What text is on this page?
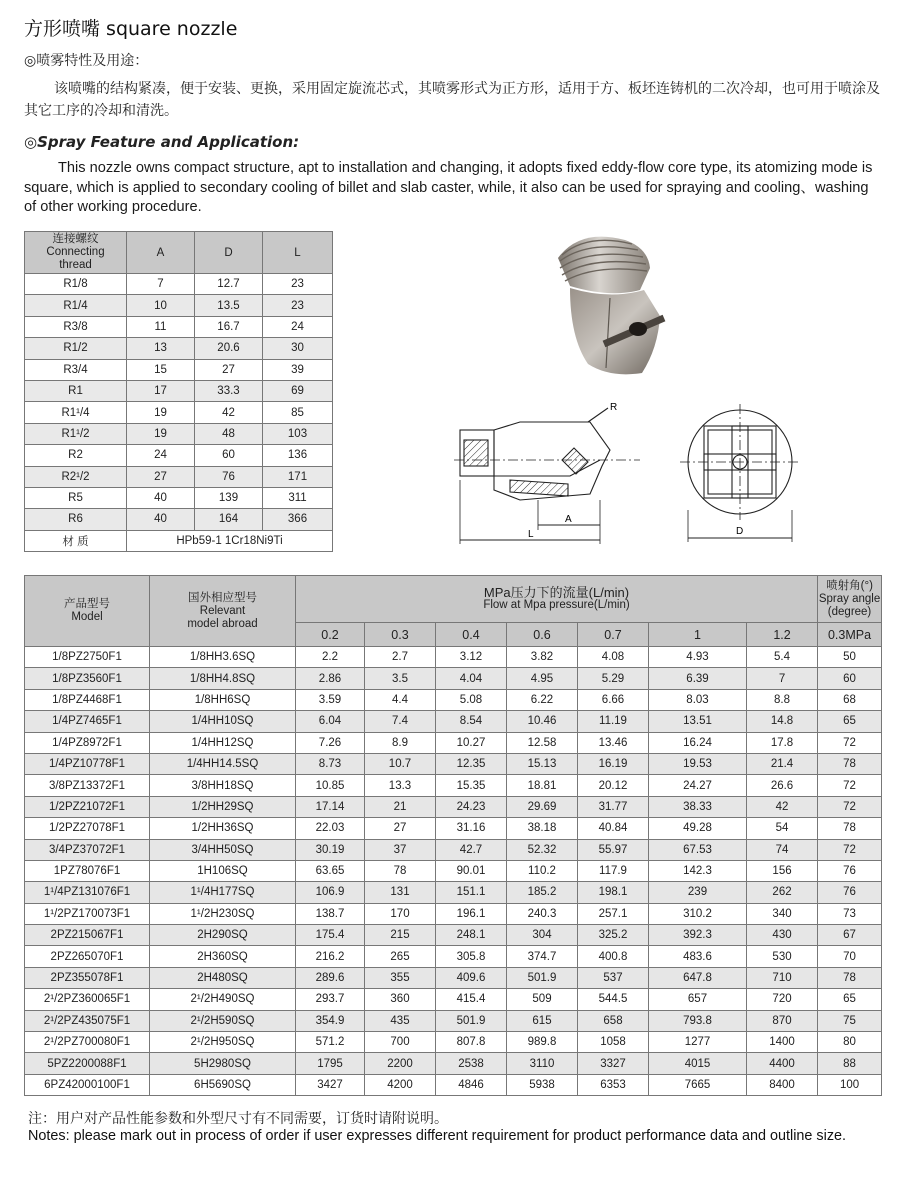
方形喷嘴 square nozzle
◎喷雾特性及用途：
该喷嘴的结构紧凑，便于安装、更换，采用固定旋流芯式，其喷雾形式为正方形，适用于方、板坯连铸机的二次冷却，也可用于喷涂及其它工序的冷却和清洗。
◎Spray Feature and Application:
This nozzle owns compact structure, apt to installation and changing, it adopts fixed eddy-flow core type, its atomizing mode is square, which is applied to secondary cooling of billet and slab caster, while, it also can be used for spraying and cooling、washing of other working procedure.
连接螺纹
Connecting
thread	A	D	L
R1/8	7	12.7	23
R1/4	10	13.5	23
R3/8	11	16.7	24
R1/2	13	20.6	30
R3/4	15	27	39
R1	17	33.3	69
R1¹/4	19	42	85
R1¹/2	19	48	103
R2	24	60	136
R2¹/2	27	76	171
R5	40	139	311
R6	40	164	366
材 质	HPb59-1 1Cr18Ni9Ti		
R
A
L	D
产品型号
Model	国外相应型号
Relevant
model abroad	MPa压力下的流量(L/min)
Flow at Mpa pressure(L/min)							喷射角(°)
Spray angle
(degree)

		0.2	0.3	0.4	0.6	0.7	1	1.2	0.3MPa
1/8PZ2750F1	1/8HH3.6SQ	2.2	2.7	3.12	3.82	4.08	4.93	5.4	50
1/8PZ3560F1	1/8HH4.8SQ	2.86	3.5	4.04	4.95	5.29	6.39	7	60
1/8PZ4468F1	1/8HH6SQ	3.59	4.4	5.08	6.22	6.66	8.03	8.8	68
1/4PZ7465F1	1/4HH10SQ	6.04	7.4	8.54	10.46	11.19	13.51	14.8	65
1/4PZ8972F1	1/4HH12SQ	7.26	8.9	10.27	12.58	13.46	16.24	17.8	72
1/4PZ10778F1	1/4HH14.5SQ	8.73	10.7	12.35	15.13	16.19	19.53	21.4	78
3/8PZ13372F1	3/8HH18SQ	10.85	13.3	15.35	18.81	20.12	24.27	26.6	72
1/2PZ21072F1	1/2HH29SQ	17.14	21	24.23	29.69	31.77	38.33	42	72
1/2PZ27078F1	1/2HH36SQ	22.03	27	31.16	38.18	40.84	49.28	54	78
3/4PZ37072F1	3/4HH50SQ	30.19	37	42.7	52.32	55.97	67.53	74	72
1PZ78076F1	1H106SQ	63.65	78	90.01	110.2	117.9	142.3	156	76
1¹/4PZ131076F1	1¹/4H177SQ	106.9	131	151.1	185.2	198.1	239	262	76
1¹/2PZ170073F1	1¹/2H230SQ	138.7	170	196.1	240.3	257.1	310.2	340	73
2PZ215067F1	2H290SQ	175.4	215	248.1	304	325.2	392.3	430	67
2PZ265070F1	2H360SQ	216.2	265	305.8	374.7	400.8	483.6	530	70
2PZ355078F1	2H480SQ	289.6	355	409.6	501.9	537	647.8	710	78
2¹/2PZ360065F1	2¹/2H490SQ	293.7	360	415.4	509	544.5	657	720	65
2¹/2PZ435075F1	2¹/2H590SQ	354.9	435	501.9	615	658	793.8	870	75
2¹/2PZ700080F1	2¹/2H950SQ	571.2	700	807.8	989.8	1058	1277	1400	80
5PZ2200088F1	5H2980SQ	1795	2200	2538	3110	3327	4015	4400	88
6PZ42000100F1	6H5690SQ	3427	4200	4846	5938	6353	7665	8400	100
注：用户对产品性能参数和外型尺寸有不同需要，订货时请附说明。
Notes: please mark out in process of order if user expresses different requirement for product performance data and outline size.
